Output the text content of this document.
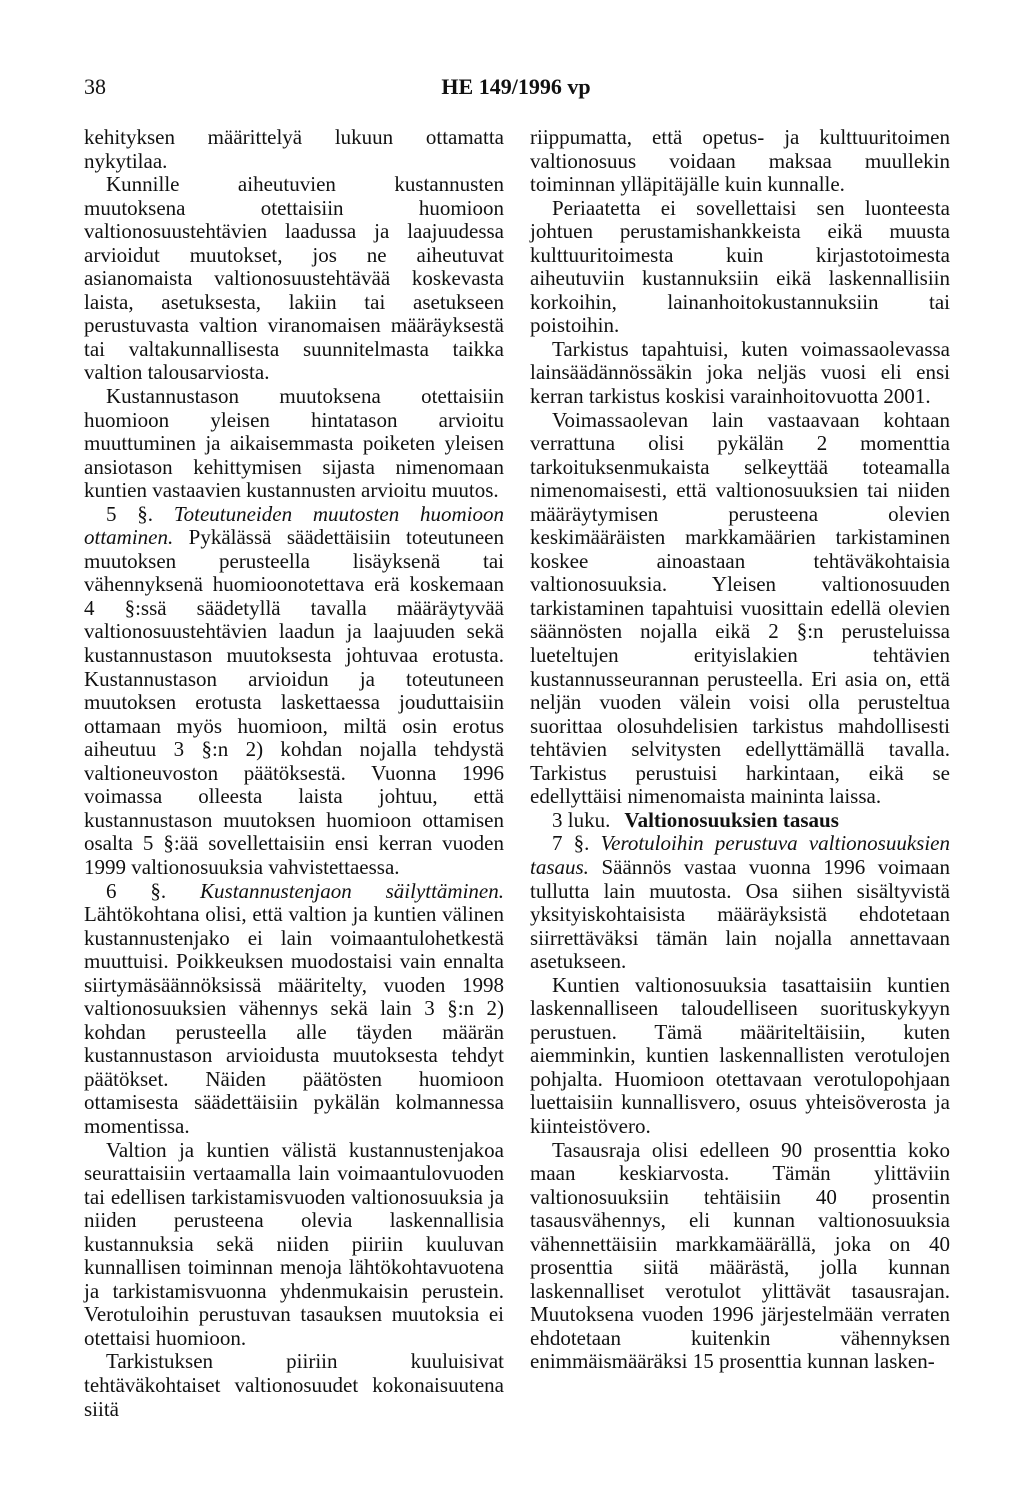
38	HE 149/1996 vp

kehityksen määrittelyä lukuun ottamatta nykytilaa.

Kunnille aiheutuvien kustannusten muutoksena otettaisiin huomioon valtionosuustehtävien laadussa ja laajuudessa arvioidut muutokset, jos ne aiheutuvat asianomaista valtionosuustehtävää koskevasta laista, asetuksesta, lakiin tai asetukseen perustuvasta valtion viranomaisen määräyksestä tai valtakunnallisesta suunnitelmasta taikka valtion talousarviosta.

Kustannustason muutoksena otettaisiin huomioon yleisen hintatason arvioitu muuttuminen ja aikaisemmasta poiketen yleisen ansiotason kehittymisen sijasta nimenomaan kuntien vastaavien kustannusten arvioitu muutos.

5 §. Toteutuneiden muutosten huomioon ottaminen. Pykälässä säädettäisiin toteutuneen muutoksen perusteella lisäyksenä tai vähennyksenä huomioonotettava erä koskemaan 4 §:ssä säädetyllä tavalla määräytyvää valtionosuustehtävien laadun ja laajuuden sekä kustannustason muutoksesta johtuvaa erotusta. Kustannustason arvioidun ja toteutuneen muutoksen erotusta laskettaessa jouduttaisiin ottamaan myös huomioon, miltä osin erotus aiheutuu 3 §:n 2) kohdan nojalla tehdystä valtioneuvoston päätöksestä. Vuonna 1996 voimassa olleesta laista johtuu, että kustannustason muutoksen huomioon ottamisen osalta 5 §:ää sovellettaisiin ensi kerran vuoden 1999 valtionosuuksia vahvistettaessa.

6 §. Kustannustenjaon säilyttäminen. Lähtökohtana olisi, että valtion ja kuntien välinen kustannustenjako ei lain voimaantulohetkestä muuttuisi. Poikkeuksen muodostaisi vain ennalta siirtymäsäännöksissä määritelty, vuoden 1998 valtionosuuksien vähennys sekä lain 3 §:n 2) kohdan perusteella alle täyden määrän kustannustason arvioidusta muutoksesta tehdyt päätökset. Näiden päätösten huomioon ottamisesta säädettäisiin pykälän kolmannessa momentissa.

Valtion ja kuntien välistä kustannustenjakoa seurattaisiin vertaamalla lain voimaantulovuoden tai edellisen tarkistamisvuoden valtionosuuksia ja niiden perusteena olevia laskennallisia kustannuksia sekä niiden piiriin kuuluvan kunnallisen toiminnan menoja lähtökohtavuotena ja tarkistamisvuonna yhdenmukaisin perustein. Verotuloihin perustuvan tasauksen muutoksia ei otettaisi huomioon.

Tarkistuksen piiriin kuuluisivat tehtäväkohtaiset valtionosuudet kokonaisuutena siitä

riippumatta, että opetus- ja kulttuuritoimen valtionosuus voidaan maksaa muullekin toiminnan ylläpitäjälle kuin kunnalle.

Periaatetta ei sovellettaisi sen luonteesta johtuen perustamishankkeista eikä muusta kulttuuritoimesta kuin kirjastotoimesta aiheutuviin kustannuksiin eikä laskennallisiin korkoihin, lainanhoitokustannuksiin tai poistoihin.

Tarkistus tapahtuisi, kuten voimassaolevassa lainsäädännössäkin joka neljäs vuosi eli ensi kerran tarkistus koskisi varainhoitovuotta 2001.

Voimassaolevan lain vastaavaan kohtaan verrattuna olisi pykälän 2 momenttia tarkoituksenmukaista selkeyttää toteamalla nimenomaisesti, että valtionosuuksien tai niiden määräytymisen perusteena olevien keskimääräisten markkamäärien tarkistaminen koskee ainoastaan tehtäväkohtaisia valtionosuuksia. Yleisen valtionosuuden tarkistaminen tapahtuisi vuosittain edellä olevien säännösten nojalla eikä 2 §:n perusteluissa lueteltujen erityislakien tehtävien kustannusseurannan perusteella. Eri asia on, että neljän vuoden välein voisi olla perusteltua suorittaa olosuhdelisien tarkistus mahdollisesti tehtävien selvitysten edellyttämällä tavalla. Tarkistus perustuisi harkintaan, eikä se edellyttäisi nimenomaista maininta laissa.

3 luku. Valtionosuuksien tasaus

7 §. Verotuloihin perustuva valtionosuuksien tasaus. Säännös vastaa vuonna 1996 voimaan tullutta lain muutosta. Osa siihen sisältyvistä yksityiskohtaisista määräyksistä ehdotetaan siirrettäväksi tämän lain nojalla annettavaan asetukseen.

Kuntien valtionosuuksia tasattaisiin kuntien laskennalliseen taloudelliseen suorituskykyyn perustuen. Tämä määriteltäisiin, kuten aiemminkin, kuntien laskennallisten verotulojen pohjalta. Huomioon otettavaan verotulopohjaan luettaisiin kunnallisvero, osuus yhteisöverosta ja kiinteistövero.

Tasausraja olisi edelleen 90 prosenttia koko maan keskiarvosta. Tämän ylittäviin valtionosuuksiin tehtäisiin 40 prosentin tasausvähennys, eli kunnan valtionosuuksia vähennettäisiin markkamäärällä, joka on 40 prosenttia siitä määrästä, jolla kunnan laskennalliset verotulot ylittävät tasausrajan. Muutoksena vuoden 1996 järjestelmään verraten ehdotetaan kuitenkin vähennyksen enimmäismääräksi 15 prosenttia kunnan lasken-
